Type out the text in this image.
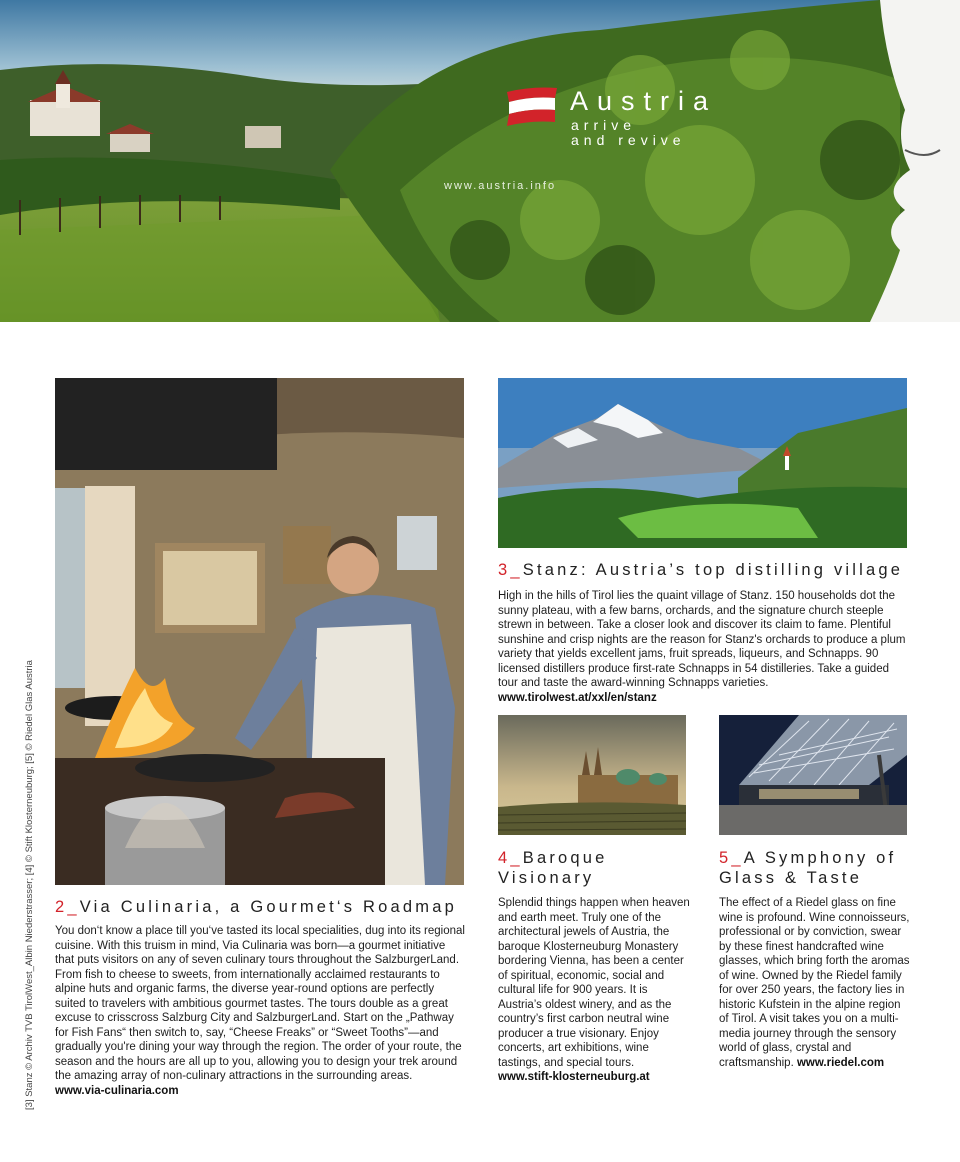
Austria
arrive
and revive
www.austria.info
[3] Stanz © Archiv TVB TirolWest_Albin Niederstrasser; [4] © Stift Klosterneuburg; [5] © Riedel Glas Austria 2_Via Culinaria, a Gourmet‘s Roadmap

You don‘t know a place till you‘ve tasted its local specialities, dug into its regional cuisine. With this truism in mind, Via Culinaria was born—a gourmet initiative that puts visitors on any of seven culinary tours throughout the SalzburgerLand. From fish to cheese to sweets, from internationally acclaimed restaurants to alpine huts and organic farms, the diverse year-round options are perfectly suited to travelers with ambitious gourmet tastes. The tours double as a great excuse to crisscross Salzburg City and SalzburgerLand. Start on the „Pathway for Fish Fans“ then switch to, say, “Cheese Freaks” or “Sweet Tooths”—and gradually you're dining your way through the region. The order of your route, the season and the hours are all up to you, allowing you to design your trek around the amazing array of non-culinary attractions in the surrounding areas.

www.via-culinaria.com
3_Stanz: Austria’s top distilling village

High in the hills of Tirol lies the quaint village of Stanz. 150 households dot the sunny plateau, with a few barns, orchards, and the signature church steeple strewn in between. Take a closer look and discover its claim to fame. Plentiful sunshine and crisp nights are the reason for Stanz's orchards to produce a plum variety that yields excellent jams, fruit spreads, liqueurs, and Schnapps. 90 licensed distillers produce first-rate Schnapps in 54 distilleries. Take a guided tour and taste the award-winning Schnapps varieties.

www.tirolwest.at/xxl/en/stanz
4_Baroque
Visionary

Splendid things happen when heaven and earth meet. Truly one of the architectural jewels of Austria, the baroque Klosterneuburg Monastery bordering Vienna, has been a center of spiritual, economic, social and cultural life for 900 years. It is Austria’s oldest winery, and as the country’s first carbon neutral wine producer a true visionary. Enjoy concerts, art exhibitions, wine tastings, and special tours.

www.stift-klosterneuburg.at
5_A Symphony of
Glass & Taste

The effect of a Riedel glass on fine wine is profound. Wine connoisseurs, professional or by conviction, swear by these finest handcrafted wine glasses, which bring forth the aromas of wine. Owned by the Riedel family for over 250 years, the factory lies in historic Kufstein in the alpine region of Tirol. A visit takes you on a multi-media journey through the sensory world of glass, crystal and craftsmanship. www.riedel.com
